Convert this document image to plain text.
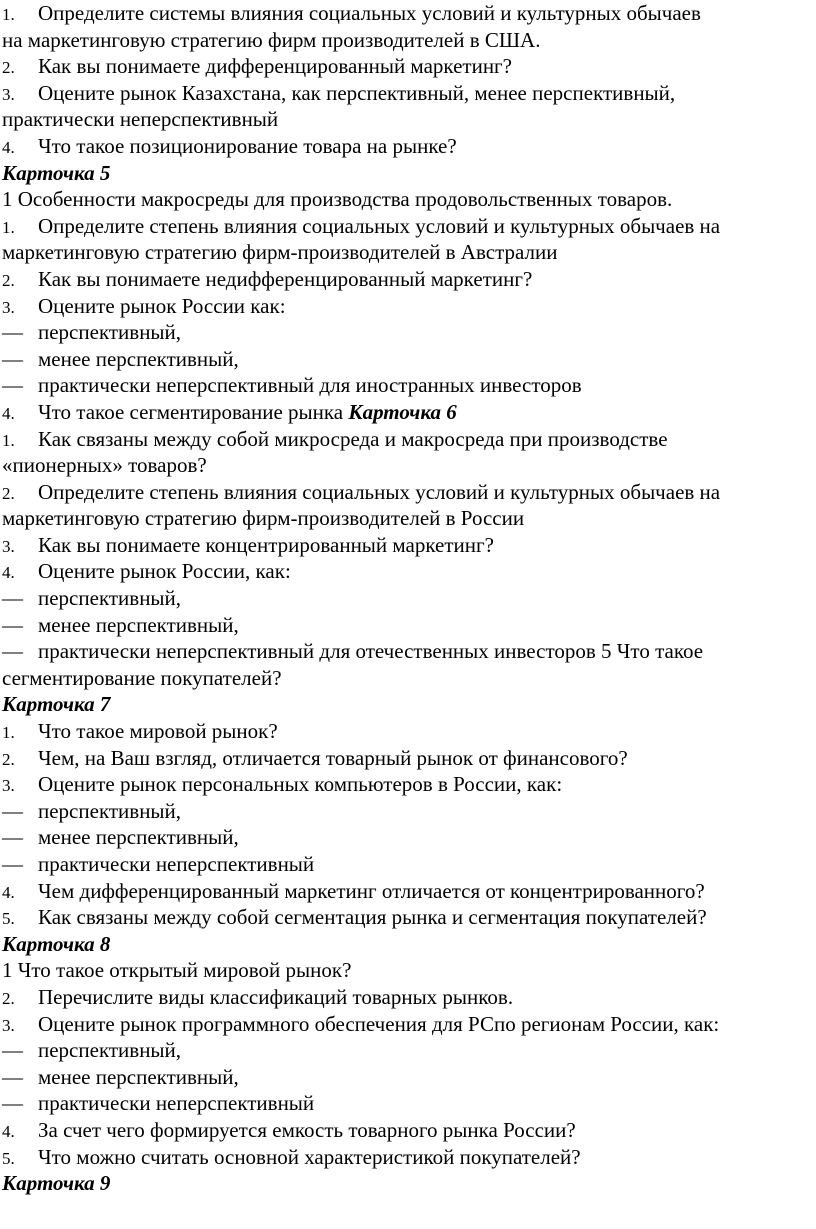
1. Определите системы влияния социальных условий и культурных обычаев
на маркетинговую стратегию фирм производителей в США.
2. Как вы понимаете дифференцированный маркетинг?
3. Оцените рынок Казахстана, как перспективный, менее перспективный,
практически неперспективный
4. Что такое позиционирование товара на рынке?
Карточка 5
1 Особенности макросреды для производства продовольственных товаров.
1. Определите степень влияния социальных условий и культурных обычаев на
маркетинговую стратегию фирм-производителей в Австралии
2. Как вы понимаете недифференцированный маркетинг?
3. Оцените рынок России как:
— перспективный,
— менее перспективный,
— практически неперспективный для иностранных инвесторов
4. Что такое сегментирование рынка Карточка 6
1. Как связаны между собой микросреда и макросреда при производстве
«пионерных» товаров?
2. Определите степень влияния социальных условий и культурных обычаев на
маркетинговую стратегию фирм-производителей в России
3. Как вы понимаете концентрированный маркетинг?
4. Оцените рынок России, как:
— перспективный,
— менее перспективный,
— практически неперспективный для отечественных инвесторов 5 Что такое
сегментирование покупателей?
Карточка 7
1. Что такое мировой рынок?
2. Чем, на Ваш взгляд, отличается товарный рынок от финансового?
3. Оцените рынок персональных компьютеров в России, как:
— перспективный,
— менее перспективный,
— практически неперспективный
4. Чем дифференцированный маркетинг отличается от концентрированного?
5. Как связаны между собой сегментация рынка и сегментация покупателей?
Карточка 8
1 Что такое открытый мировой рынок?
2. Перечислите виды классификаций товарных рынков.
3. Оцените рынок программного обеспечения для РСпо регионам России, как:
— перспективный,
— менее перспективный,
— практически неперспективный
4. За счет чего формируется емкость товарного рынка России?
5. Что можно считать основной характеристикой покупателей?
Карточка 9
